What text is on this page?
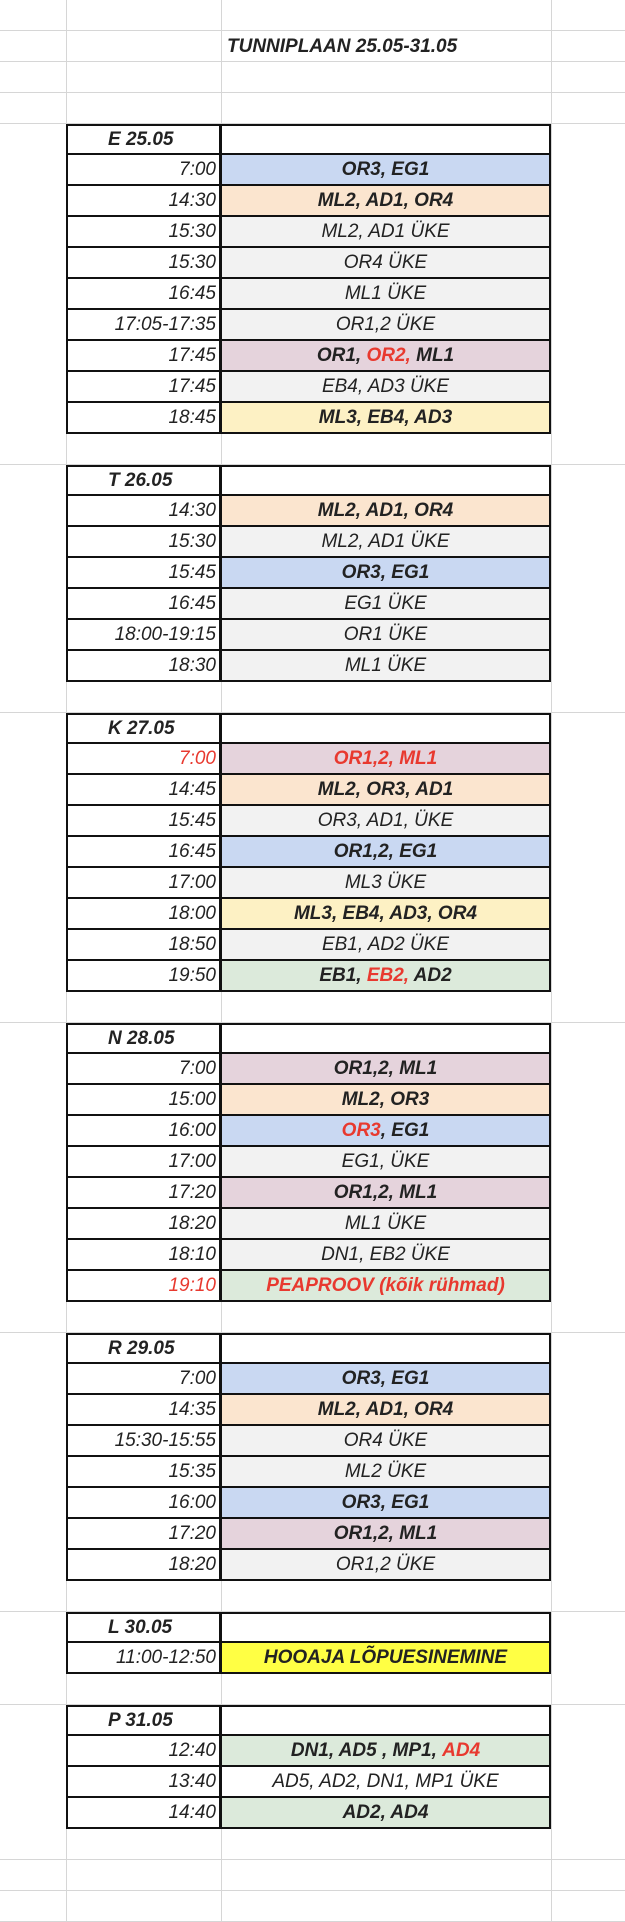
TUNNIPLAAN 25.05-31.05
E 25.05
7:00	OR3, EG1
14:30	ML2, AD1, OR4
15:30	ML2, AD1 ÜKE
15:30	OR4 ÜKE
16:45	ML1 ÜKE
17:05-17:35	OR1,2 ÜKE
17:45	OR1, OR2, ML1
17:45	EB4, AD3 ÜKE
18:45	ML3, EB4, AD3
T 26.05
14:30	ML2, AD1, OR4
15:30	ML2, AD1 ÜKE
15:45	OR3, EG1
16:45	EG1 ÜKE
18:00-19:15	OR1 ÜKE
18:30	ML1 ÜKE
K 27.05
7:00	OR1,2, ML1
14:45	ML2, OR3, AD1
15:45	OR3, AD1, ÜKE
16:45	OR1,2, EG1
17:00	ML3 ÜKE
18:00	ML3, EB4, AD3, OR4
18:50	EB1, AD2 ÜKE
19:50	EB1, EB2, AD2
N 28.05
7:00	OR1,2, ML1
15:00	ML2, OR3
16:00	OR3 , EG1
17:00	EG1, ÜKE
17:20	OR1,2, ML1
18:20	ML1 ÜKE
18:10	DN1, EB2 ÜKE
19:10	PEAPROOV (kõik rühmad)
R 29.05
7:00	OR3, EG1
14:35	ML2, AD1, OR4
15:30-15:55	OR4 ÜKE
15:35	ML2 ÜKE
16:00	OR3, EG1
17:20	OR1,2, ML1
18:20	OR1,2 ÜKE
L 30.05
11:00-12:50	HOOAJA LÕPUESINEMINE
P 31.05
12:40	DN1, AD5 , MP1, AD4
13:40	AD5, AD2, DN1, MP1 ÜKE
14:40	AD2, AD4
